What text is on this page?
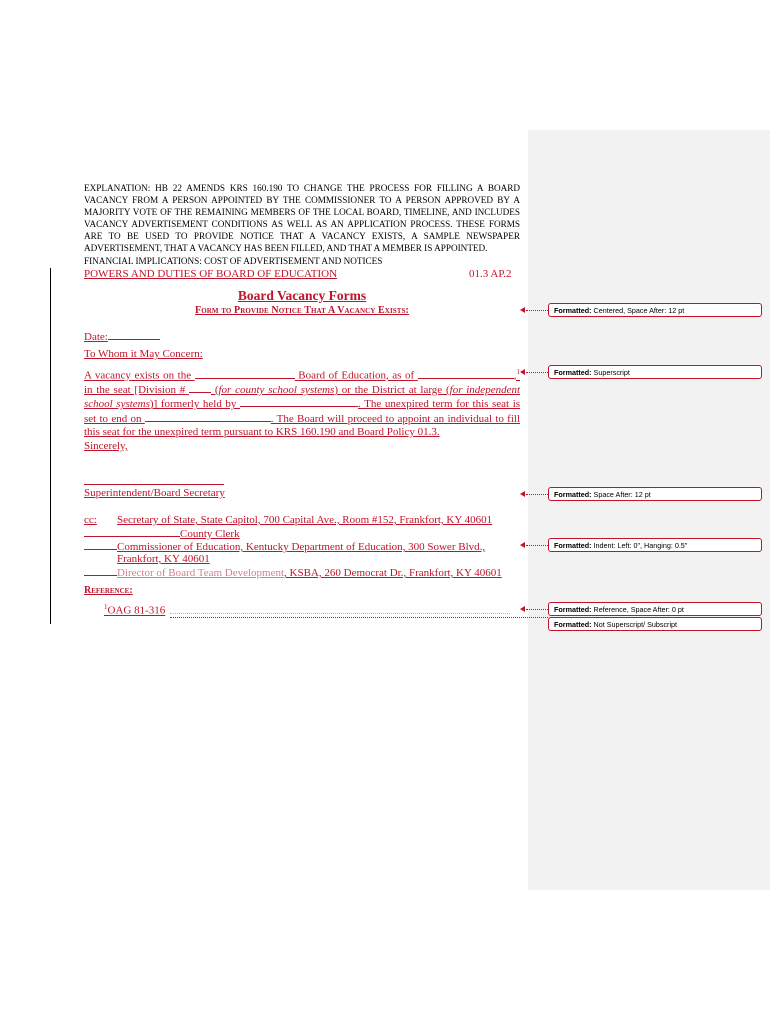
EXPLANATION: HB 22 AMENDS KRS 160.190 TO CHANGE THE PROCESS FOR FILLING A BOARD VACANCY FROM A PERSON APPOINTED BY THE COMMISSIONER TO A PERSON APPROVED BY A MAJORITY VOTE OF THE REMAINING MEMBERS OF THE LOCAL BOARD, TIMELINE, AND INCLUDES VACANCY ADVERTISEMENT CONDITIONS AS WELL AS AN APPLICATION PROCESS. THESE FORMS ARE TO BE USED TO PROVIDE NOTICE THAT A VACANCY EXISTS, A SAMPLE NEWSPAPER ADVERTISEMENT, THAT A VACANCY HAS BEEN FILLED, AND THAT A MEMBER IS APPOINTED.
FINANCIAL IMPLICATIONS: COST OF ADVERTISEMENT AND NOTICES
POWERS AND DUTIES OF BOARD OF EDUCATION	01.3 AP.2
Board Vacancy Forms
Form to Provide Notice That A Vacancy Exists:
Date:
To Whom it May Concern:
A vacancy exists on the	Board of Education, as of	,$^1$ in the seat [Division #  (for county school systems) or the District at large (for independent school systems)] formerly held by	. The unexpired term for this seat is set to end on	. The Board will proceed to appoint an individual to fill this seat for the unexpired term pursuant to KRS 160.190 and Board Policy 01.3.
Sincerely,
Superintendent/Board Secretary
cc: Secretary of State, State Capitol, 700 Capital Ave., Room #152, Frankfort, KY 40601
County Clerk
Commissioner of Education, Kentucky Department of Education, 300 Sower Blvd.,
Frankfort, KY 40601
Director of Board Team Development, KSBA, 260 Democrat Dr., Frankfort, KY 40601
Reference:
$^1$OAG 81-316
Formatted: Centered, Space After: 12 pt
Formatted: Superscript
Formatted: Space After: 12 pt
Formatted: Indent: Left: 0", Hanging: 0.5"
Formatted: Reference, Space After: 0 pt
Formatted: Not Superscript/ Subscript
